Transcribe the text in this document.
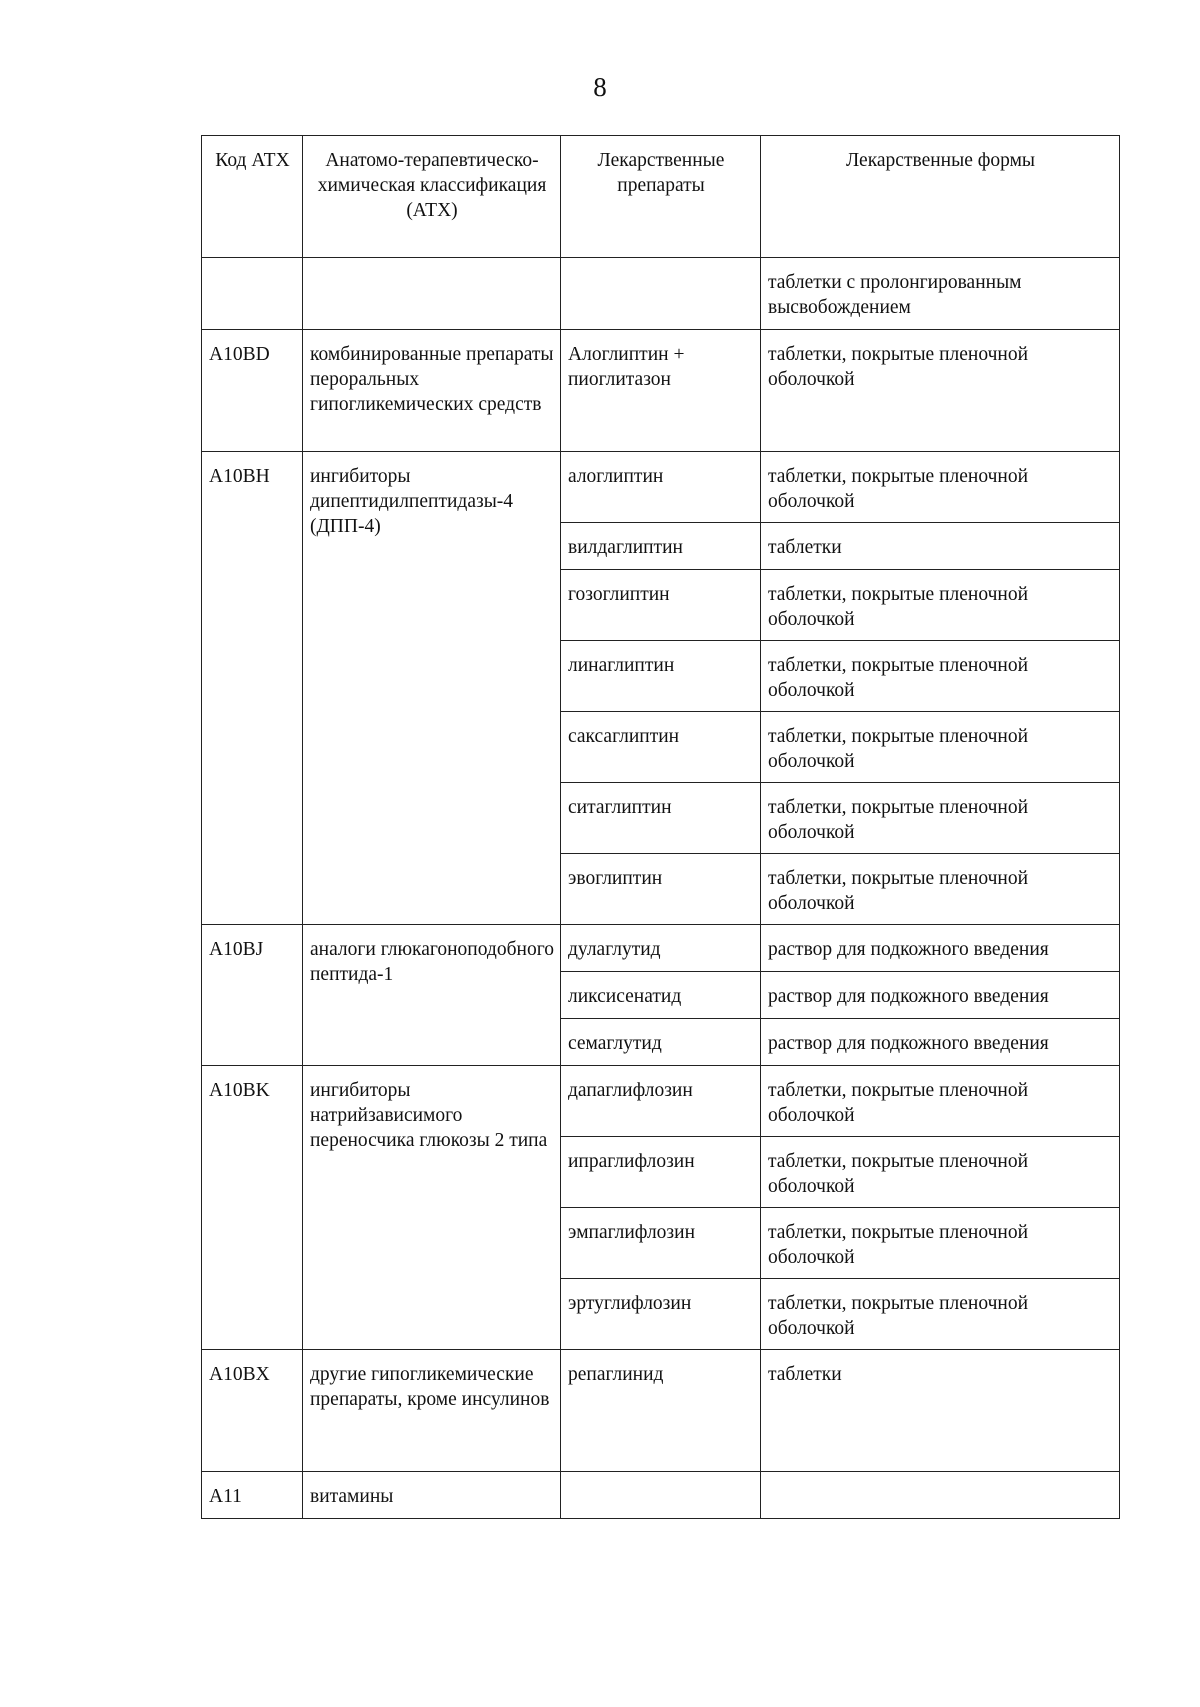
8
Код АТХ	Анатомо-терапевтическо-химическая классификация (АТХ)	Лекарственные препараты	Лекарственные формы
			таблетки с пролонгированным высвобождением
A10BD	комбинированные препараты пероральных гипогликемических средств	Алоглиптин + пиоглитазон	таблетки, покрытые пленочной оболочкой
A10BH	ингибиторы дипептидилпептидазы-4 (ДПП-4)	алоглиптин	таблетки, покрытые пленочной оболочкой
		вилдаглиптин	таблетки
		гозоглиптин	таблетки, покрытые пленочной оболочкой
		линаглиптин	таблетки, покрытые пленочной оболочкой
		саксаглиптин	таблетки, покрытые пленочной оболочкой
		ситаглиптин	таблетки, покрытые пленочной оболочкой
		эвоглиптин	таблетки, покрытые пленочной оболочкой
A10BJ	аналоги глюкагоноподобного пептида-1	дулаглутид	раствор для подкожного введения
		ликсисенатид	раствор для подкожного введения
		семаглутид	раствор для подкожного введения
A10BK	ингибиторы натрийзависимого переносчика глюкозы 2 типа	дапаглифлозин	таблетки, покрытые пленочной оболочкой
		ипраглифлозин	таблетки, покрытые пленочной оболочкой
		эмпаглифлозин	таблетки, покрытые пленочной оболочкой
		эртуглифлозин	таблетки, покрытые пленочной оболочкой
A10BX	другие гипогликемические препараты, кроме инсулинов	репаглинид	таблетки
A11	витамины		
